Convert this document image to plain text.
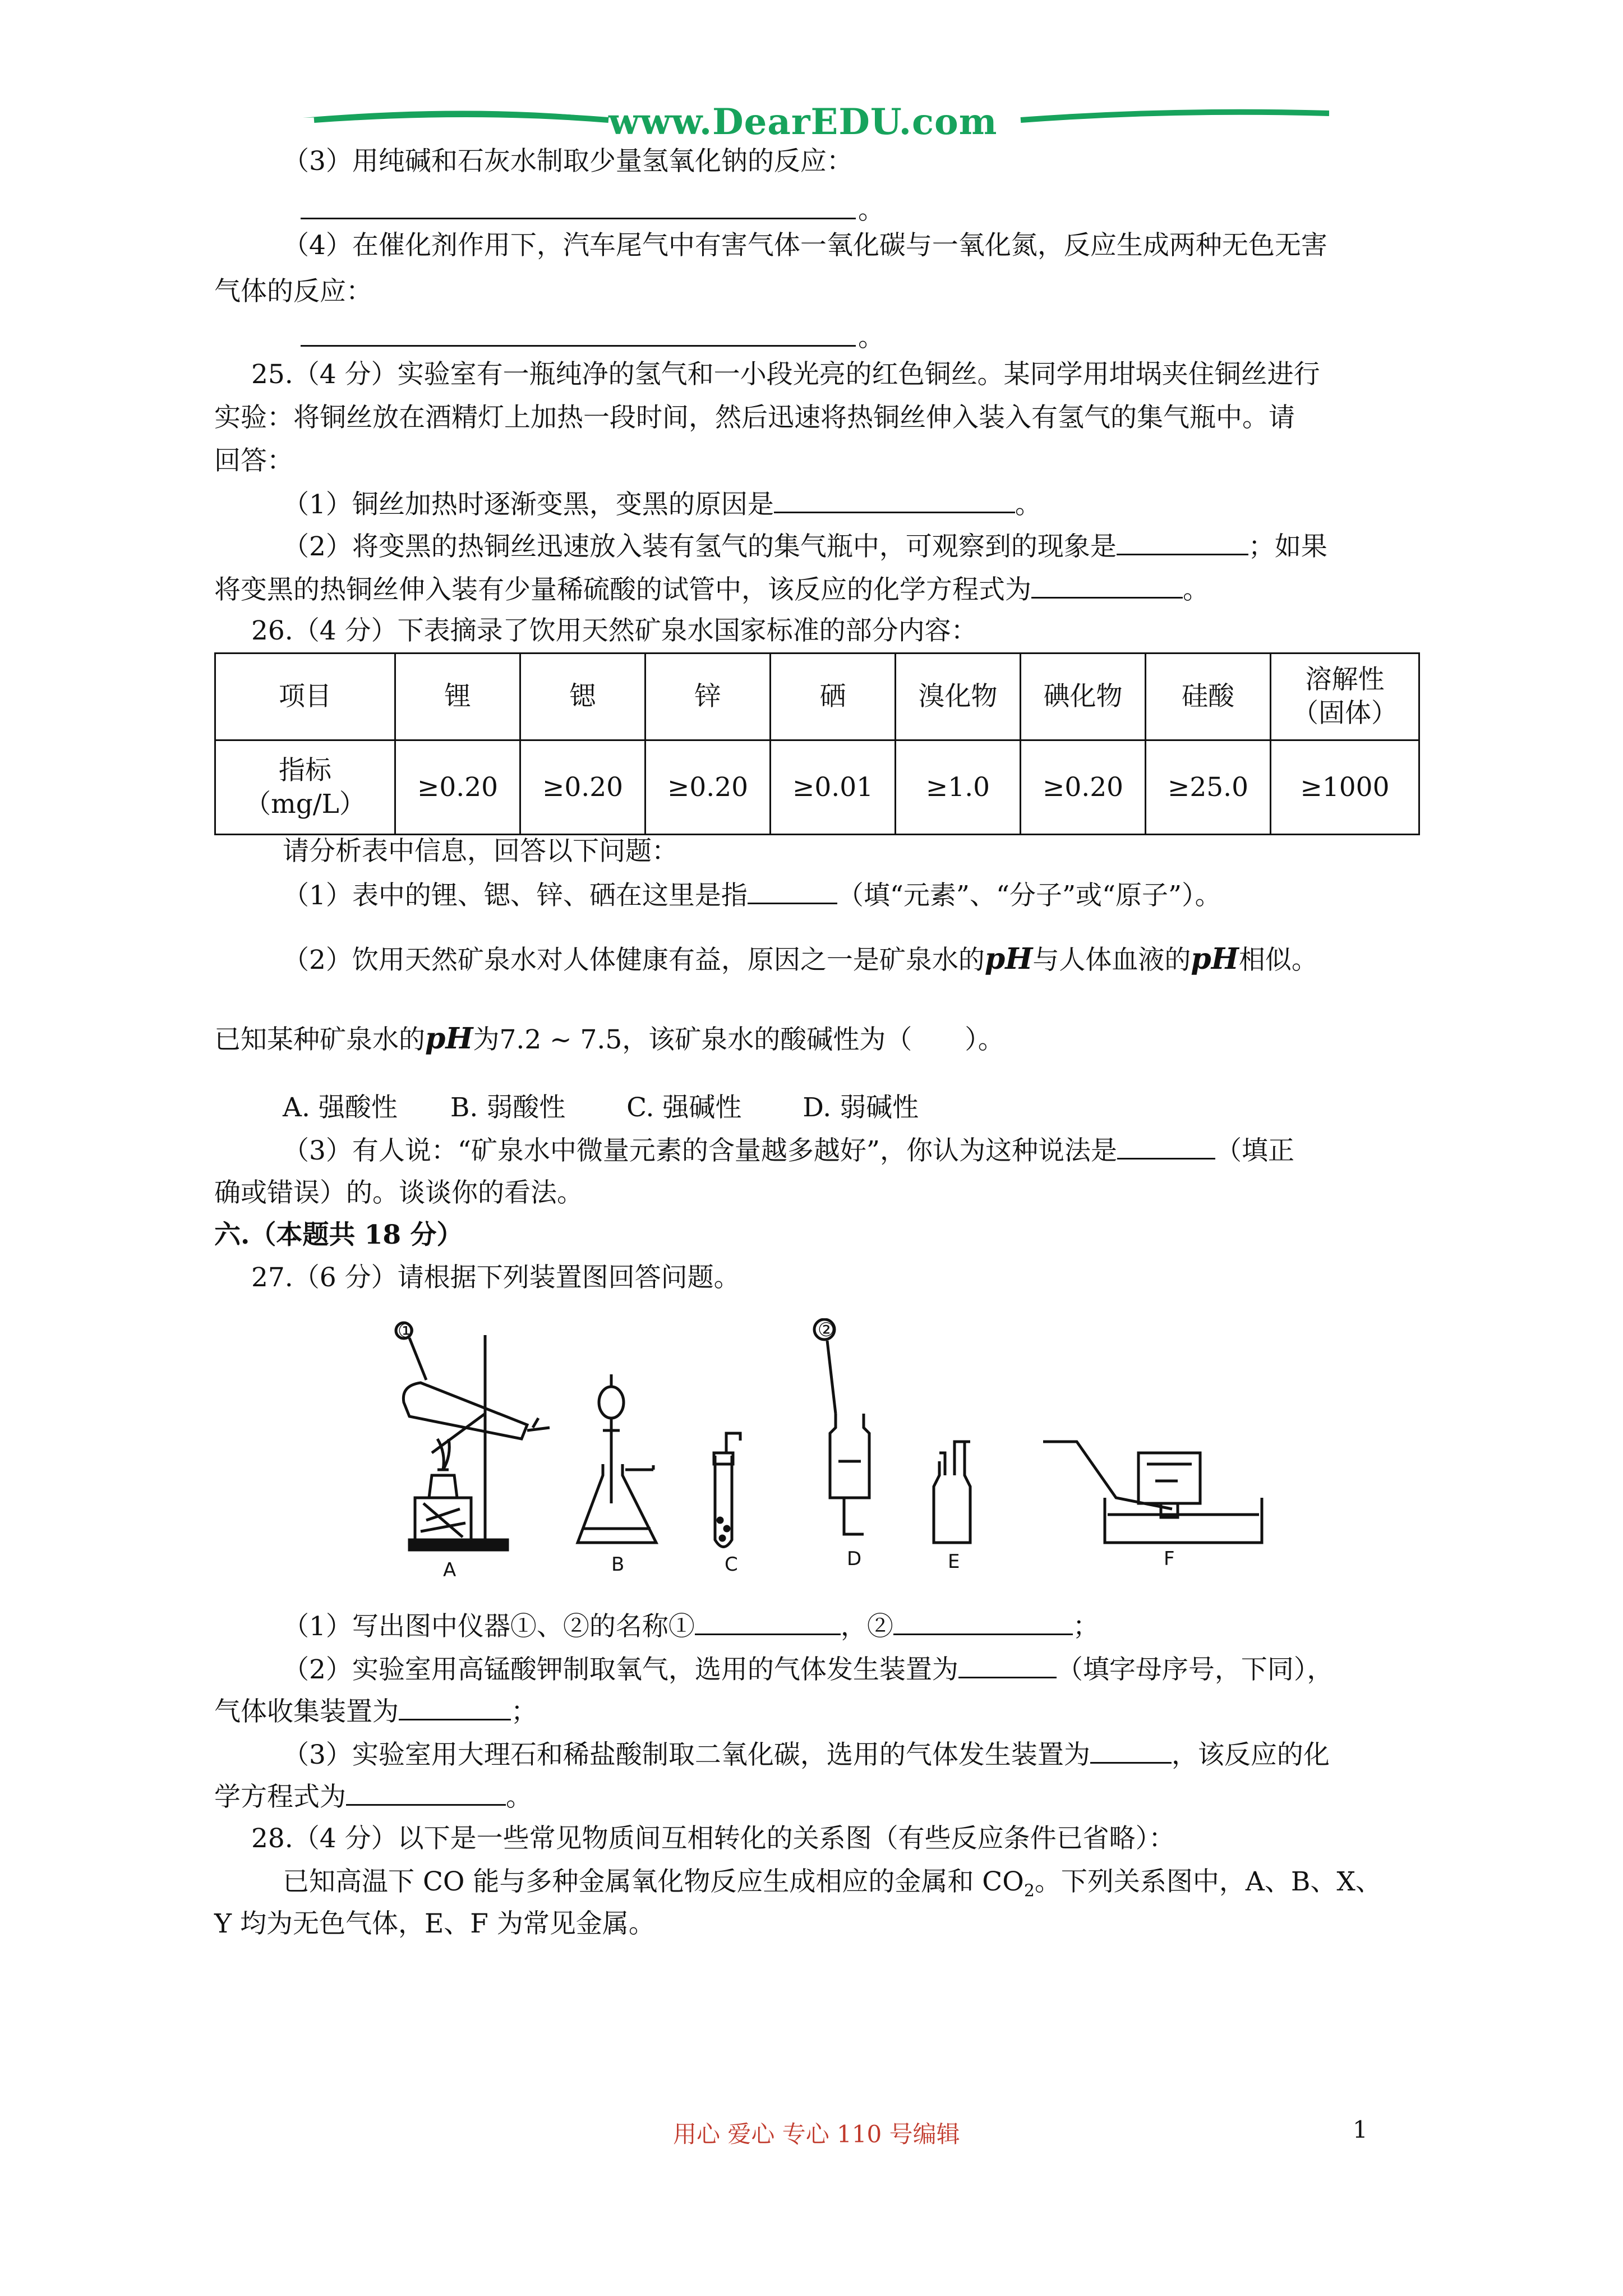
www.DearEDU.com
（3）用纯碱和石灰水制取少量氢氧化钠的反应：
。
（4）在催化剂作用下，汽车尾气中有害气体一氧化碳与一氧化氮，反应生成两种无色无害
气体的反应：
。
25.（4 分）实验室有一瓶纯净的氢气和一小段光亮的红色铜丝。某同学用坩埚夹住铜丝进行
实验：将铜丝放在酒精灯上加热一段时间，然后迅速将热铜丝伸入装入有氢气的集气瓶中。请
回答：
（1）铜丝加热时逐渐变黑，变黑的原因是	。
（2）将变黑的热铜丝迅速放入装有氢气的集气瓶中，可观察到的现象是	；如果
将变黑的热铜丝伸入装有少量稀硫酸的试管中，该反应的化学方程式为	。
26.（4 分）下表摘录了饮用天然矿泉水国家标准的部分内容：
项目	锂	锶	锌	硒	溴化物	碘化物	硅酸	溶解性
（固体）

指标
（mg/L）	≥0.20	≥0.20	≥0.20	≥0.01	≥1.0	≥0.20	≥25.0	≥1000
请分析表中信息，回答以下问题：
（1）表中的锂、锶、锌、硒在这里是指	（填“元素”、“分子”或“原子”）。
（2）饮用天然矿泉水对人体健康有益，原因之一是矿泉水的pH与人体血液的pH相似。
已知某种矿泉水的pH为7.2 ~ 7.5，该矿泉水的酸碱性为（　　）。
A. 强酸性　　B. 弱酸性　　 C. 强碱性　　 D. 弱碱性
（3）有人说：“矿泉水中微量元素的含量越多越好”，你认为这种说法是	（填正
确或错误）的。谈谈你的看法。
六.（本题共 18 分）
27.（6 分）请根据下列装置图回答问题。
A	B	C	D	E	F
①	②
（1）写出图中仪器①、②的名称①	，②	；
（2）实验室用高锰酸钾制取氧气，选用的气体发生装置为	（填字母序号，下同），
气体收集装置为	；
（3）实验室用大理石和稀盐酸制取二氧化碳，选用的气体发生装置为	，该反应的化
学方程式为	。
28.（4 分）以下是一些常见物质间互相转化的关系图（有些反应条件已省略）：
已知高温下 CO 能与多种金属氧化物反应生成相应的金属和 $CO_2$。下列关系图中，A、B、X、
Y 均为无色气体，E、F 为常见金属。
用心 爱心 专心 110 号编辑	1
